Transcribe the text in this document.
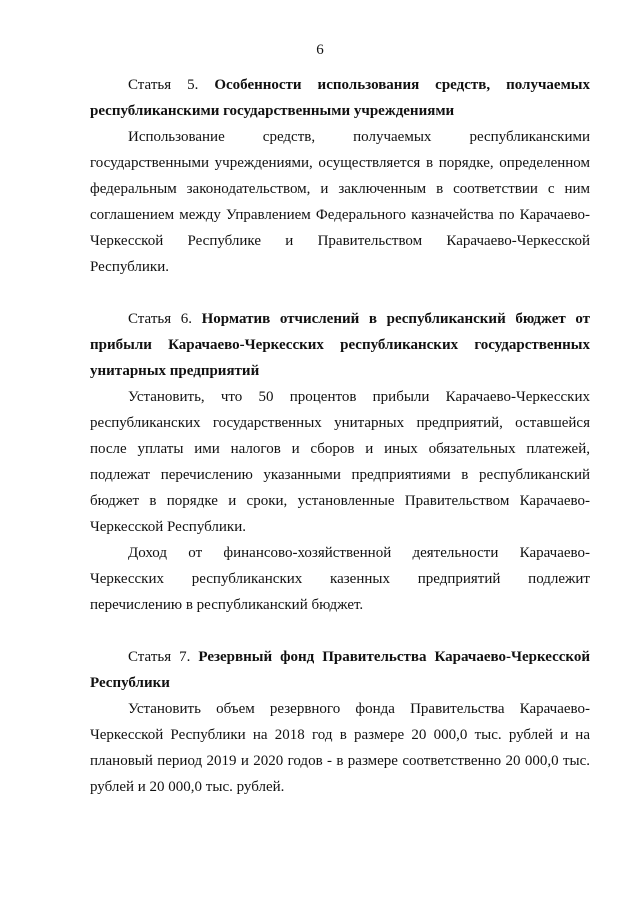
6
Статья 5. Особенности использования средств, получаемых
республиканскими государственными учреждениями
Использование средств, получаемых республиканскими
государственными учреждениями, осуществляется в порядке, определенном
федеральным законодательством, и заключенным в соответствии с ним
соглашением между Управлением Федерального казначейства по Карачаево-
Черкесской Республике и Правительством Карачаево-Черкесской
Республики.
Статья 6. Норматив отчислений в республиканский бюджет от
прибыли Карачаево-Черкесских республиканских государственных
унитарных предприятий
Установить, что 50 процентов прибыли Карачаево-Черкесских
республиканских государственных унитарных предприятий, оставшейся
после уплаты ими налогов и сборов и иных обязательных платежей,
подлежат перечислению указанными предприятиями в республиканский
бюджет в порядке и сроки, установленные Правительством Карачаево-
Черкесской Республики.
Доход от финансово-хозяйственной деятельности Карачаево-
Черкесских республиканских казенных предприятий подлежит
перечислению в республиканский бюджет.
Статья 7. Резервный фонд Правительства Карачаево-Черкесской
Республики
Установить объем резервного фонда Правительства Карачаево-
Черкесской Республики на 2018 год в размере 20 000,0 тыс. рублей и на
плановый период 2019 и 2020 годов - в размере соответственно 20 000,0 тыс.
рублей и 20 000,0 тыс. рублей.
